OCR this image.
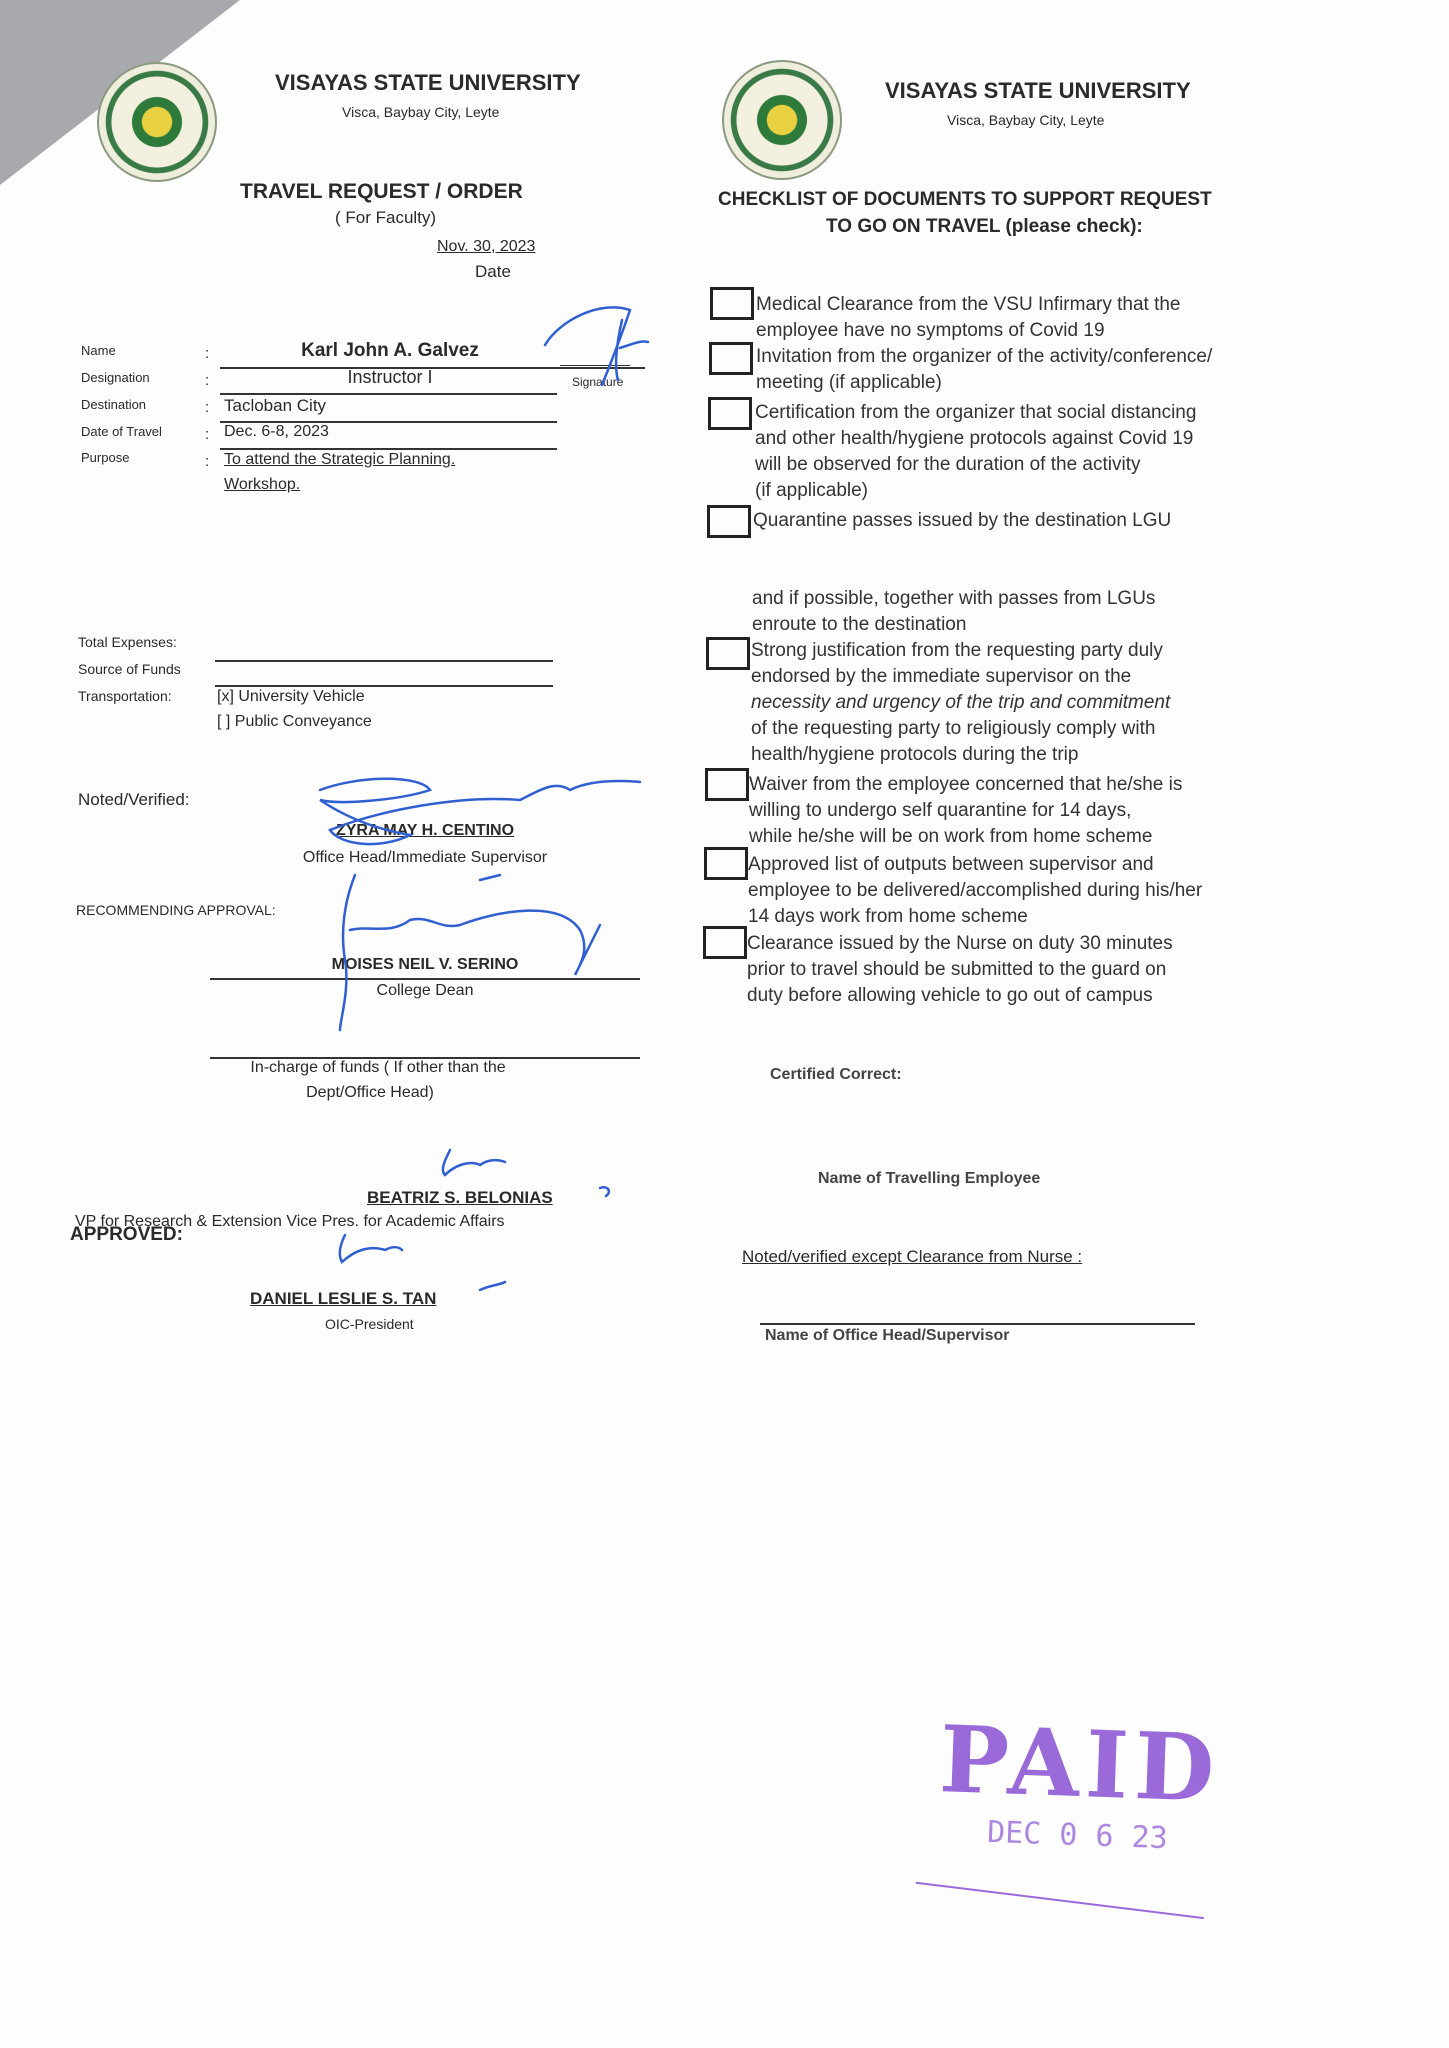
VISAYAS STATE UNIVERSITY
Visca, Baybay City, Leyte
VISAYAS STATE UNIVERSITY
Visca, Baybay City, Leyte
TRAVEL REQUEST / ORDER
( For Faculty)
Nov. 30, 2023
Date
Name
Designation
Destination
Date of Travel
Purpose
:
:
:
:
:
Karl John A. Galvez
Signature
Instructor I
Tacloban City
Dec. 6-8, 2023
To attend the Strategic Planning.
Workshop.
Total Expenses:
Source of Funds
Transportation:	[x] University Vehicle
[ ] Public Conveyance
Noted/Verified:
ZYRA MAY H. CENTINO
Office Head/Immediate Supervisor
RECOMMENDING APPROVAL:
MOISES NEIL V. SERINO
College Dean
In-charge of funds ( If other than the
Dept/Office Head)
BEATRIZ S. BELONIAS
VP for Research & Extension Vice Pres. for Academic Affairs
APPROVED:
DANIEL LESLIE S. TAN
OIC-President
CHECKLIST OF DOCUMENTS TO SUPPORT REQUEST
TO GO ON TRAVEL (please check):
Medical Clearance from the VSU Infirmary that the
employee have no symptoms of Covid 19
Invitation from the organizer of the activity/conference/
meeting (if applicable)
Certification from the organizer that social distancing
and other health/hygiene protocols against Covid 19
will be observed for the duration of the activity
(if applicable)
Quarantine passes issued by the destination LGU
and if possible, together with passes from LGUs
enroute to the destination
Strong justification from the requesting party duly
endorsed by the immediate supervisor on the
necessity and urgency of the trip and commitment
of the requesting party to religiously comply with
health/hygiene protocols during the trip
Waiver from the employee concerned that he/she is
willing to undergo self quarantine for 14 days,
while he/she will be on work from home scheme
Approved list of outputs between supervisor and
employee to be delivered/accomplished during his/her
14 days work from home scheme
Clearance issued by the Nurse on duty 30 minutes
prior to travel should be submitted to the guard on
duty before allowing vehicle to go out of campus
Certified Correct:
Name of Travelling Employee
Noted/verified except Clearance from Nurse :
Name of Office Head/Supervisor
PAID
DEC 0 6 23
